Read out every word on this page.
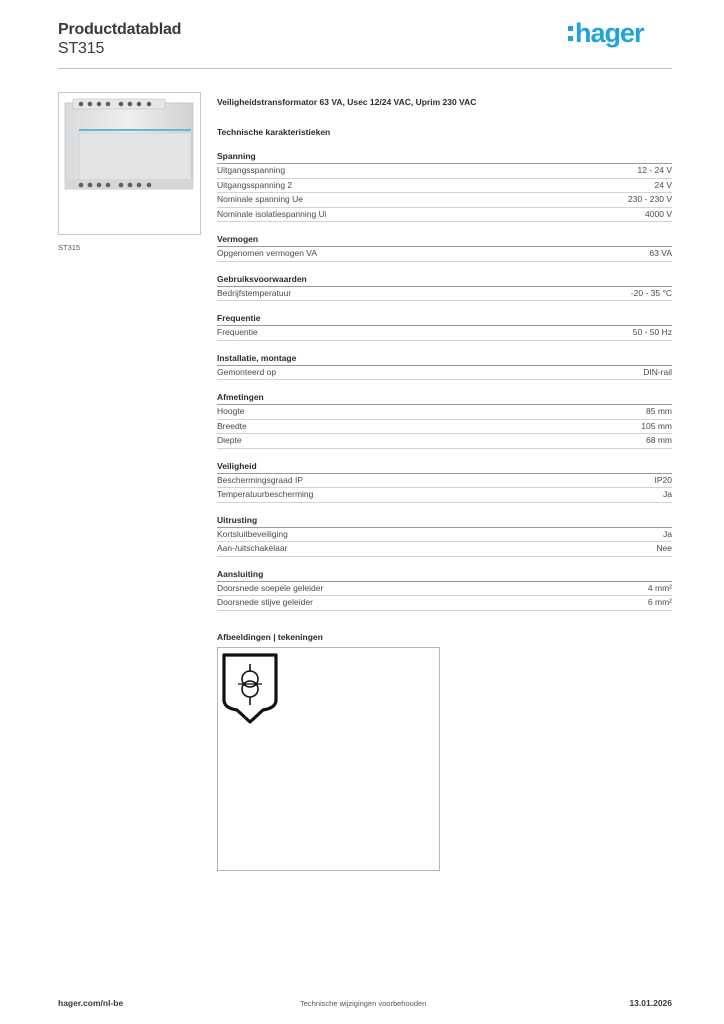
Productdatablad
ST315
hager
ST315
Veiligheidstransformator 63 VA, Usec 12/24 VAC, Uprim 230 VAC
Technische karakteristieken
Spanning
Uitgangsspanning	12 - 24 V
Uitgangsspanning 2	24 V
Nominale spanning Ue	230 - 230 V
Nominale isolatiespanning Ui	4000 V
Vermogen
Opgenomen vermogen VA	63 VA
Gebruiksvoorwaarden
Bedrijfstemperatuur	-20 - 35 °C
Frequentie
Frequentie	50 - 50 Hz
Installatie, montage
Gemonteerd op	DIN-rail
Afmetingen
Hoogte	85 mm
Breedte	105 mm
Diepte	68 mm
Veiligheid
Beschermingsgraad IP	IP20
Temperatuurbescherming	Ja
Uitrusting
Kortsluitbeveiliging	Ja
Aan-/uitschakelaar	Nee
Aansluiting
Doorsnede soepele geleider	4 mm²
Doorsnede stijve geleider	6 mm²
Afbeeldingen | tekeningen
hager.com/nl-be	Technische wijzigingen voorbehouden	13.01.2026
